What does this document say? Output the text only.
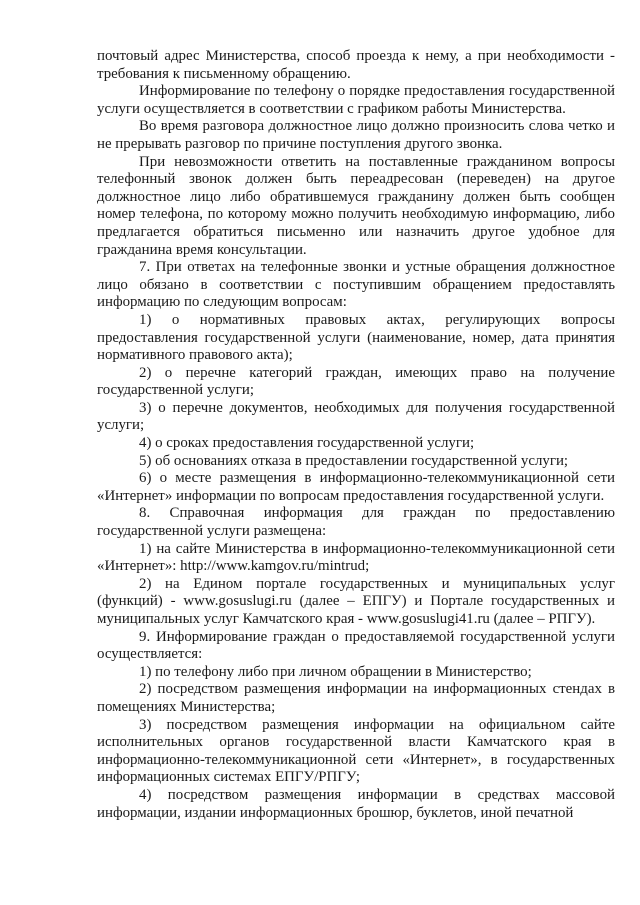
почтовый адрес Министерства, способ проезда к нему, а при необходимости - требования к письменному обращению.

Информирование по телефону о порядке предоставления государственной услуги осуществляется в соответствии с графиком работы Министерства.

Во время разговора должностное лицо должно произносить слова четко и не прерывать разговор по причине поступления другого звонка.

При невозможности ответить на поставленные гражданином вопросы телефонный звонок должен быть переадресован (переведен) на другое должностное лицо либо обратившемуся гражданину должен быть сообщен номер телефона, по которому можно получить необходимую информацию, либо предлагается обратиться письменно или назначить другое удобное для гражданина время консультации.

7. При ответах на телефонные звонки и устные обращения должностное лицо обязано в соответствии с поступившим обращением предоставлять информацию по следующим вопросам:

1) о нормативных правовых актах, регулирующих вопросы предоставления государственной услуги (наименование, номер, дата принятия нормативного правового акта);

2) о перечне категорий граждан, имеющих право на получение государственной услуги;

3) о перечне документов, необходимых для получения государственной услуги;

4) о сроках предоставления государственной услуги;

5) об основаниях отказа в предоставлении государственной услуги;

6) о месте размещения в информационно-телекоммуникационной сети «Интернет» информации по вопросам предоставления государственной услуги.

8. Справочная информация для граждан по предоставлению государственной услуги размещена:

1) на сайте Министерства в информационно-телекоммуникационной сети «Интернет»: http://www.kamgov.ru/mintrud;

2) на Едином портале государственных и муниципальных услуг (функций) - www.gosuslugi.ru (далее – ЕПГУ) и Портале государственных и муниципальных услуг Камчатского края - www.gosuslugi41.ru (далее – РПГУ).

9. Информирование граждан о предоставляемой государственной услуги осуществляется:

1) по телефону либо при личном обращении в Министерство;

2) посредством размещения информации на информационных стендах в помещениях Министерства;

3) посредством размещения информации на официальном сайте исполнительных органов государственной власти Камчатского края в информационно-телекоммуникационной сети «Интернет», в государственных информационных системах ЕПГУ/РПГУ;

4) посредством размещения информации в средствах массовой информации, издании информационных брошюр, буклетов, иной печатной
